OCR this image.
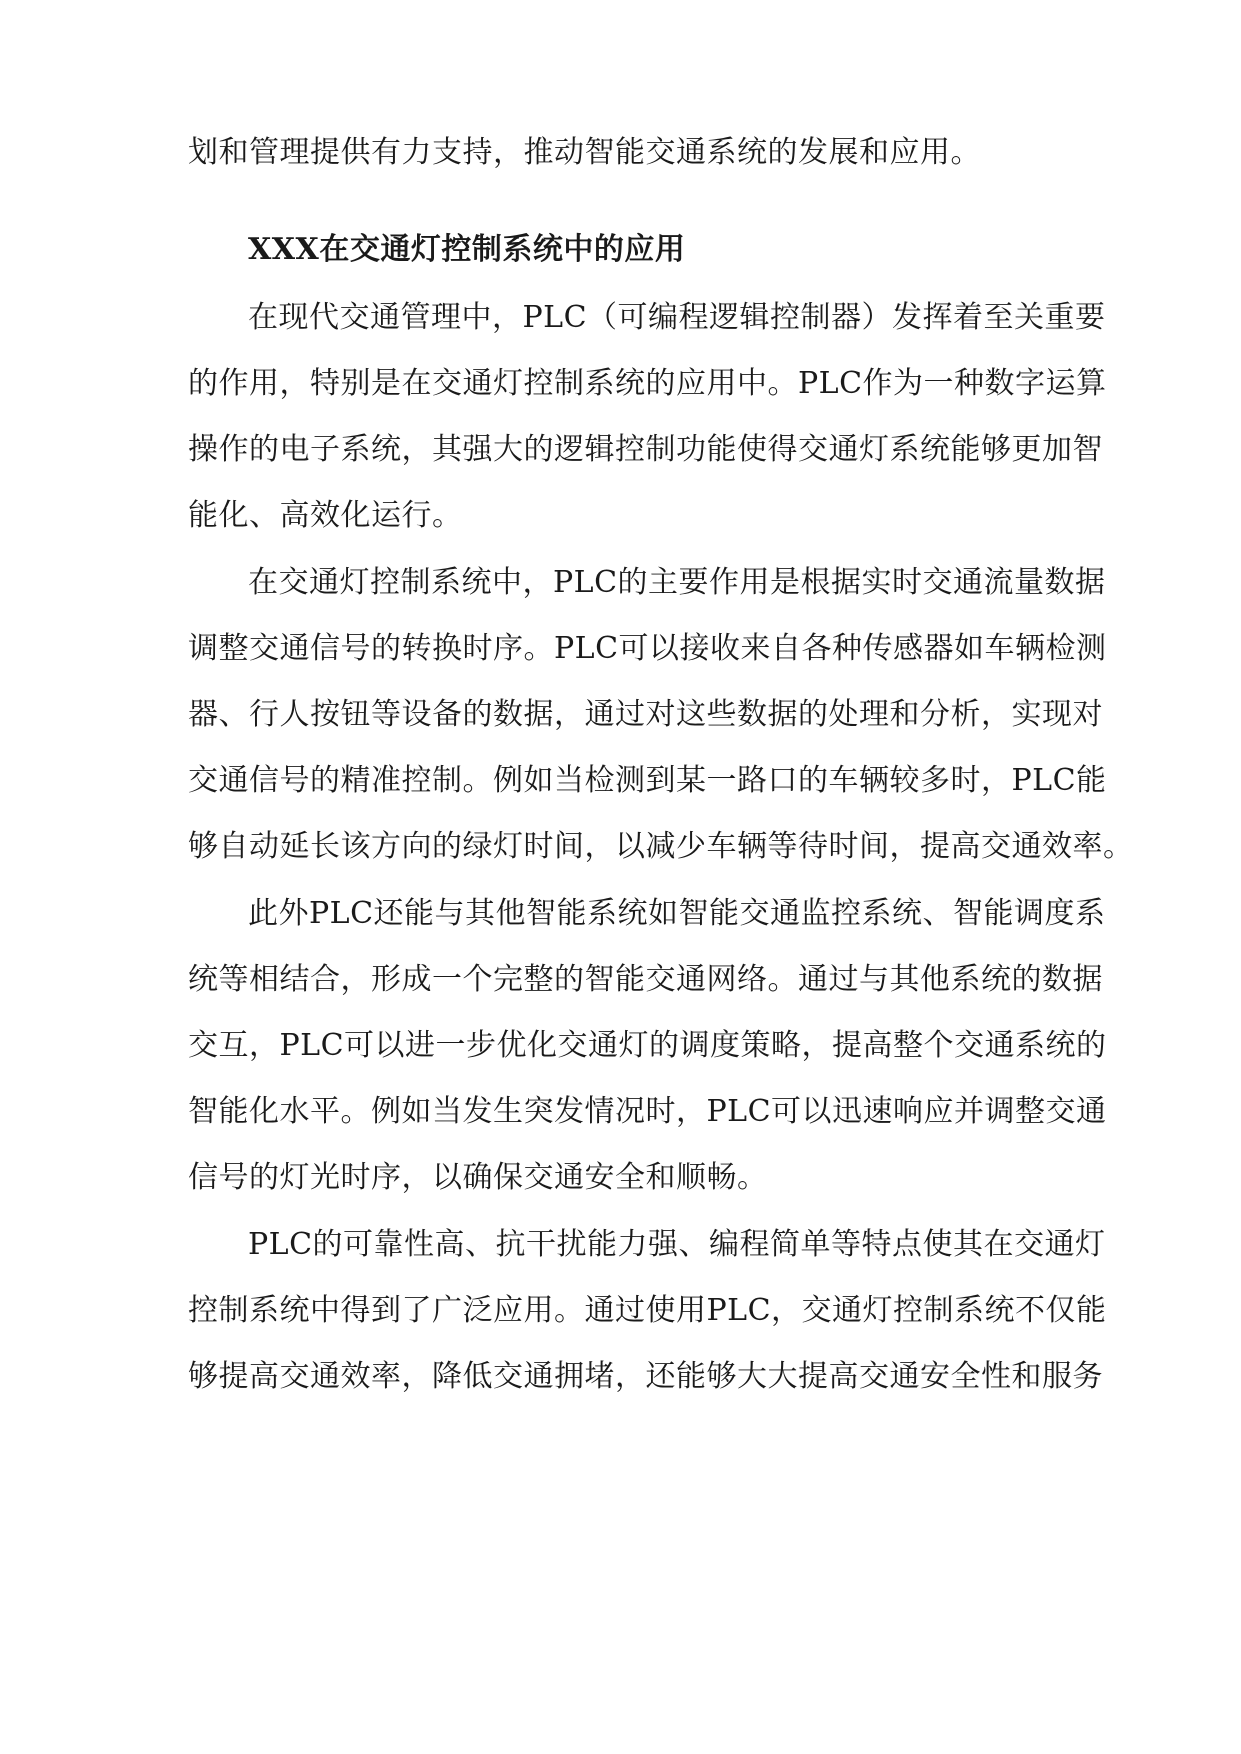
划和管理提供有力支持，推动智能交通系统的发展和应用。
XXX在交通灯控制系统中的应用
在现代交通管理中，PLC（可编程逻辑控制器）发挥着至关重要
的作用，特别是在交通灯控制系统的应用中。PLC作为一种数字运算
操作的电子系统，其强大的逻辑控制功能使得交通灯系统能够更加智
能化、高效化运行。
在交通灯控制系统中，PLC的主要作用是根据实时交通流量数据
调整交通信号的转换时序。PLC可以接收来自各种传感器如车辆检测
器、行人按钮等设备的数据，通过对这些数据的处理和分析，实现对
交通信号的精准控制。例如当检测到某一路口的车辆较多时，PLC能
够自动延长该方向的绿灯时间，以减少车辆等待时间，提高交通效率。
此外PLC还能与其他智能系统如智能交通监控系统、智能调度系
统等相结合，形成一个完整的智能交通网络。通过与其他系统的数据
交互，PLC可以进一步优化交通灯的调度策略，提高整个交通系统的
智能化水平。例如当发生突发情况时，PLC可以迅速响应并调整交通
信号的灯光时序，以确保交通安全和顺畅。
PLC的可靠性高、抗干扰能力强、编程简单等特点使其在交通灯
控制系统中得到了广泛应用。通过使用PLC，交通灯控制系统不仅能
够提高交通效率，降低交通拥堵，还能够大大提高交通安全性和服务
